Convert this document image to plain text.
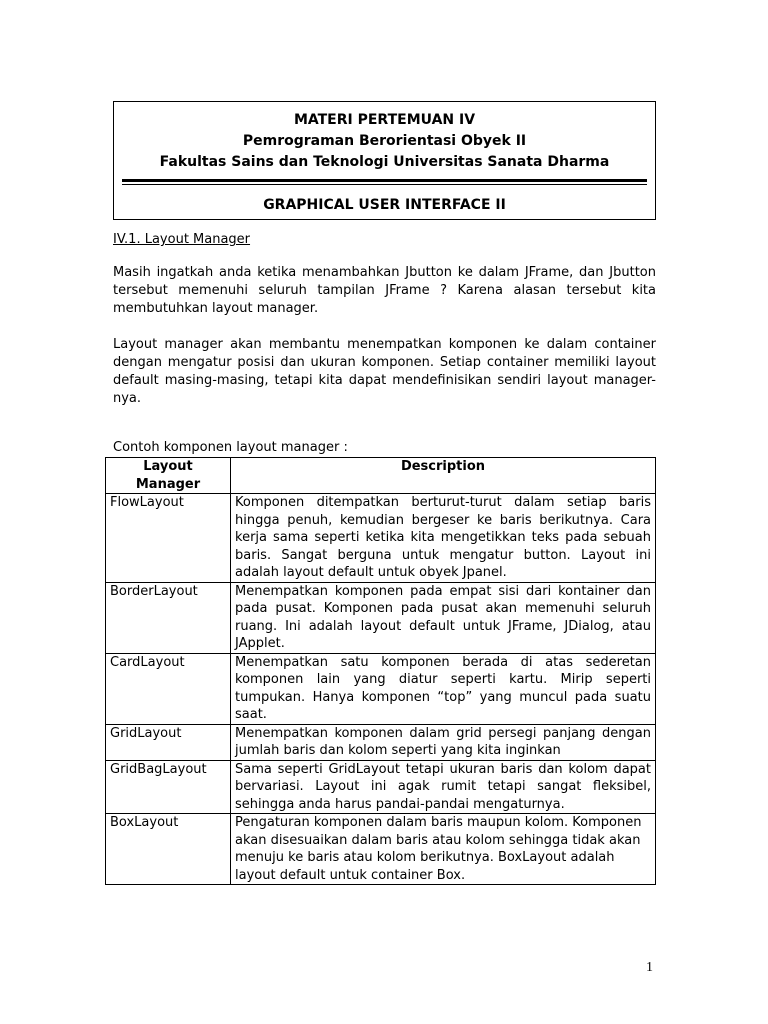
MATERI PERTEMUAN IV
Pemrograman Berorientasi Obyek II
Fakultas Sains dan Teknologi Universitas Sanata Dharma
GRAPHICAL USER INTERFACE II
IV.1. Layout Manager

Masih ingatkah anda ketika menambahkan Jbutton ke dalam JFrame, dan Jbutton tersebut memenuhi seluruh tampilan JFrame ? Karena alasan tersebut kita membutuhkan layout manager.

Layout manager akan membantu menempatkan komponen ke dalam container dengan mengatur posisi dan ukuran komponen. Setiap container memiliki layout default masing-masing, tetapi kita dapat mendefinisikan sendiri layout manager-nya.

Contoh komponen layout manager :
Layout Manager	Description
FlowLayout	Komponen ditempatkan berturut-turut dalam setiap baris hingga penuh, kemudian bergeser ke baris berikutnya. Cara kerja sama seperti ketika kita mengetikkan teks pada sebuah baris. Sangat berguna untuk mengatur button. Layout ini adalah layout default untuk obyek Jpanel.
BorderLayout	Menempatkan komponen pada empat sisi dari kontainer dan pada pusat. Komponen pada pusat akan memenuhi seluruh ruang. Ini adalah layout default untuk JFrame, JDialog, atau JApplet.
CardLayout	Menempatkan satu komponen berada di atas sederetan komponen lain yang diatur seperti kartu. Mirip seperti tumpukan. Hanya komponen “top” yang muncul pada suatu saat.
GridLayout	Menempatkan komponen dalam grid persegi panjang dengan jumlah baris dan kolom seperti yang kita inginkan
GridBagLayout	Sama seperti GridLayout tetapi ukuran baris dan kolom dapat bervariasi. Layout ini agak rumit tetapi sangat fleksibel, sehingga anda harus pandai-pandai mengaturnya.
BoxLayout	Pengaturan komponen dalam baris maupun kolom. Komponen akan disesuaikan dalam baris atau kolom sehingga tidak akan menuju ke baris atau kolom berikutnya. BoxLayout adalah layout default untuk container Box.
1
